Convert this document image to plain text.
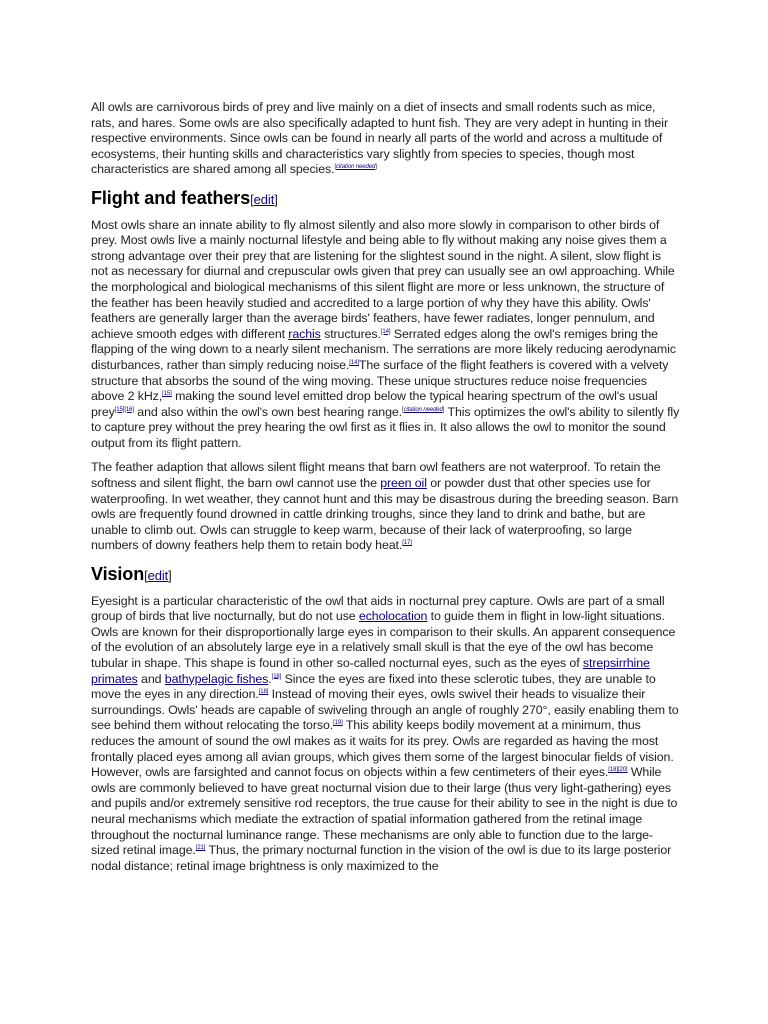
All owls are carnivorous birds of prey and live mainly on a diet of insects and small rodents such as mice, rats, and hares. Some owls are also specifically adapted to hunt fish. They are very adept in hunting in their respective environments. Since owls can be found in nearly all parts of the world and across a multitude of ecosystems, their hunting skills and characteristics vary slightly from species to species, though most characteristics are shared among all species.[citation needed]

Flight and feathers[edit]

Most owls share an innate ability to fly almost silently and also more slowly in comparison to other birds of prey. Most owls live a mainly nocturnal lifestyle and being able to fly without making any noise gives them a strong advantage over their prey that are listening for the slightest sound in the night. A silent, slow flight is not as necessary for diurnal and crepuscular owls given that prey can usually see an owl approaching. While the morphological and biological mechanisms of this silent flight are more or less unknown, the structure of the feather has been heavily studied and accredited to a large portion of why they have this ability. Owls' feathers are generally larger than the average birds' feathers, have fewer radiates, longer pennulum, and achieve smooth edges with different rachis structures.[14] Serrated edges along the owl's remiges bring the flapping of the wing down to a nearly silent mechanism. The serrations are more likely reducing aerodynamic disturbances, rather than simply reducing noise.[14]The surface of the flight feathers is covered with a velvety structure that absorbs the sound of the wing moving. These unique structures reduce noise frequencies above 2 kHz,[15] making the sound level emitted drop below the typical hearing spectrum of the owl's usual prey[15][16] and also within the owl's own best hearing range.[citation needed] This optimizes the owl's ability to silently fly to capture prey without the prey hearing the owl first as it flies in. It also allows the owl to monitor the sound output from its flight pattern.

The feather adaption that allows silent flight means that barn owl feathers are not waterproof. To retain the softness and silent flight, the barn owl cannot use the preen oil or powder dust that other species use for waterproofing. In wet weather, they cannot hunt and this may be disastrous during the breeding season. Barn owls are frequently found drowned in cattle drinking troughs, since they land to drink and bathe, but are unable to climb out. Owls can struggle to keep warm, because of their lack of waterproofing, so large numbers of downy feathers help them to retain body heat.[17]

Vision[edit]

Eyesight is a particular characteristic of the owl that aids in nocturnal prey capture. Owls are part of a small group of birds that live nocturnally, but do not use echolocation to guide them in flight in low-light situations. Owls are known for their disproportionally large eyes in comparison to their skulls. An apparent consequence of the evolution of an absolutely large eye in a relatively small skull is that the eye of the owl has become tubular in shape. This shape is found in other so-called nocturnal eyes, such as the eyes of strepsirrhine primates and bathypelagic fishes.[18] Since the eyes are fixed into these sclerotic tubes, they are unable to move the eyes in any direction.[18] Instead of moving their eyes, owls swivel their heads to visualize their surroundings. Owls' heads are capable of swiveling through an angle of roughly 270°, easily enabling them to see behind them without relocating the torso.[19] This ability keeps bodily movement at a minimum, thus reduces the amount of sound the owl makes as it waits for its prey. Owls are regarded as having the most frontally placed eyes among all avian groups, which gives them some of the largest binocular fields of vision. However, owls are farsighted and cannot focus on objects within a few centimeters of their eyes.[18][20] While owls are commonly believed to have great nocturnal vision due to their large (thus very light-gathering) eyes and pupils and/or extremely sensitive rod receptors, the true cause for their ability to see in the night is due to neural mechanisms which mediate the extraction of spatial information gathered from the retinal image throughout the nocturnal luminance range. These mechanisms are only able to function due to the large-sized retinal image.[21] Thus, the primary nocturnal function in the vision of the owl is due to its large posterior nodal distance; retinal image brightness is only maximized to the
